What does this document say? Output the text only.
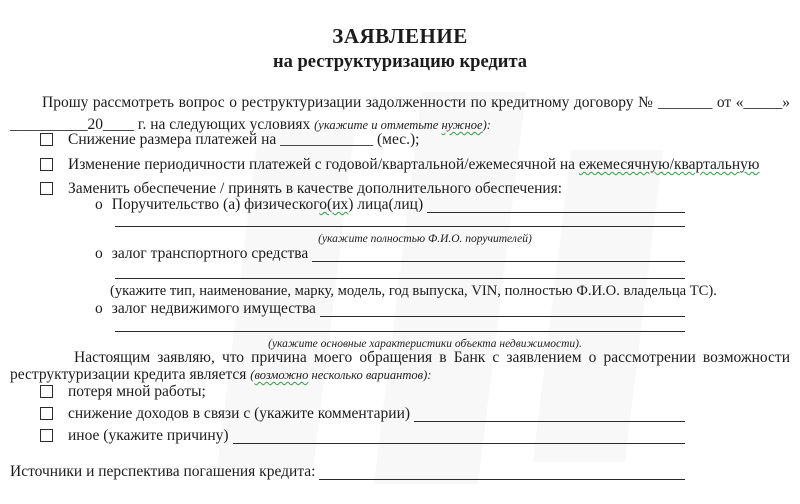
ЗАЯВЛЕНИЕ
на реструктуризацию кредита
Прошу рассмотреть вопрос о реструктуризации задолженности по кредитному договору № _______ от «_____»
__________20____ г. на следующих условиях (укажите и отметьте нужное):
Снижение размера платежей на ____________ (мес.);
Изменение периодичности платежей с годовой/квартальной/ежемесячной на ежемесячную/квартальную
Заменить обеспечение / принять в качестве дополнительного обеспечения:
o Поручительство (а) физического(их) лица(лиц)
(укажите полностью Ф.И.О. поручителей)
o залог транспортного средства
(укажите тип, наименование, марку, модель, год выпуска, VIN, полностью Ф.И.О. владельца ТС).
o залог недвижимого имущества
(укажите основные характеристики объекта недвижимости).
Настоящим заявляю, что причина моего обращения в Банк с заявлением о рассмотрении возможности
реструктуризации кредита является (возможно несколько вариантов):
потеря мной работы;
снижение доходов в связи с (укажите комментарии)
иное (укажите причину)
Источники и перспектива погашения кредита:
